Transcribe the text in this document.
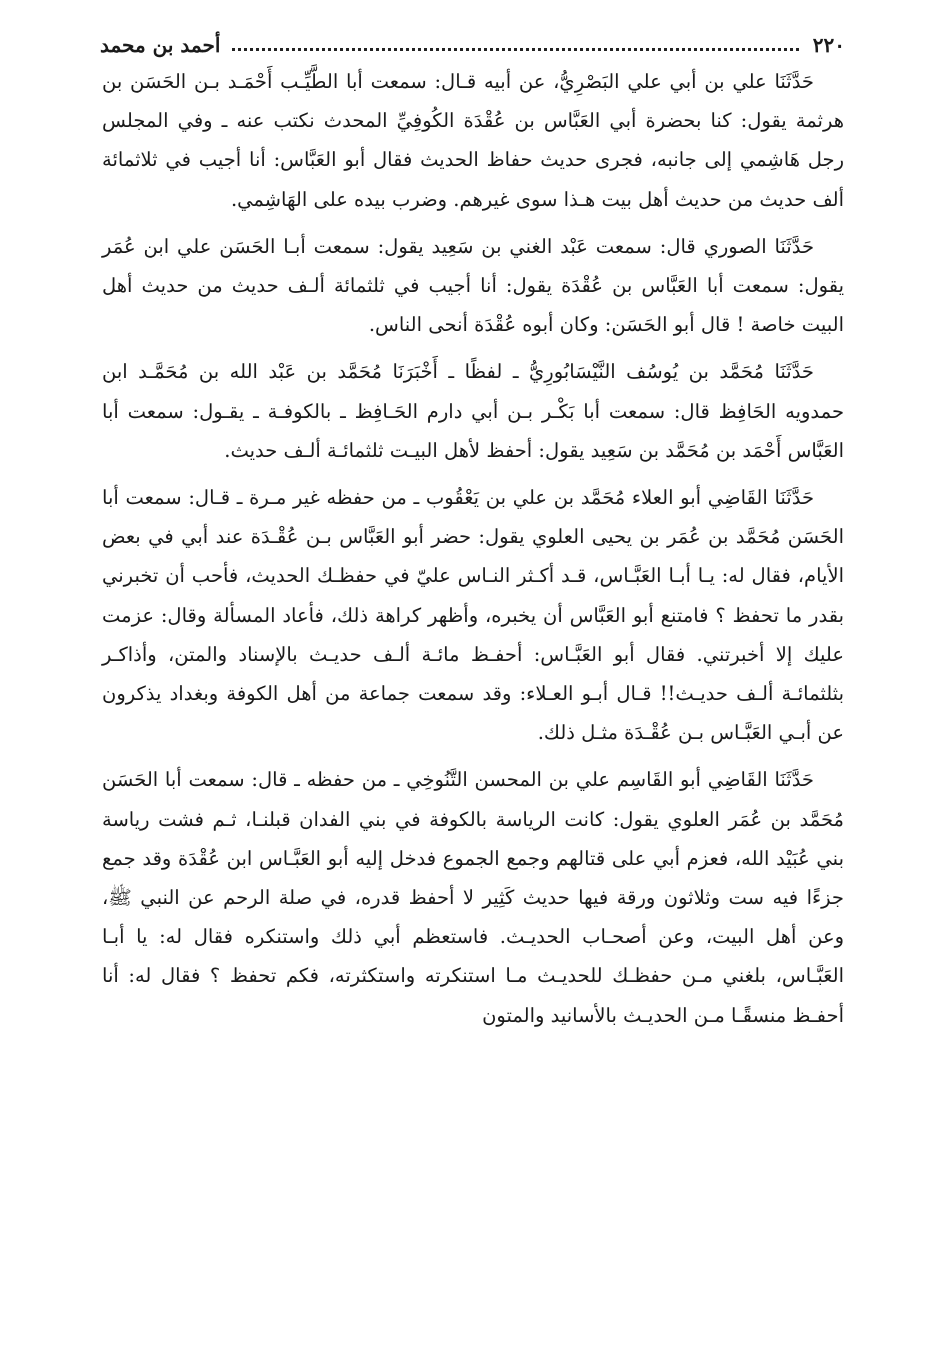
٢٢٠
أحمد بن محمد

حَدَّثَنَا علي بن أبي علي البَصْرِيُّ، عن أبيه قـال: سمعت أبا الطَّيِّـب أَحْمَـد بـن الحَسَن بن هرثمة يقول: كنا بحضرة أبي العَبَّاس بن عُقْدَة الكُوفِيِّ المحدث نكتب عنه ـ وفي المجلس رجل هَاشِمي إلى جانبه، فجرى حديث حفاظ الحديث فقال أبو العَبَّاس: أنا أجيب في ثلاثمائة ألف حديث من حديث أهل بيت هـذا سوى غيرهم. وضرب بيده على الهَاشِمي.

حَدَّثَنَا الصوري قال: سمعت عَبْد الغني بن سَعِيد يقول: سمعت أبـا الحَسَن علي ابن عُمَر يقول: سمعت أبا العَبَّاس بن عُقْدَة يقول: أنا أجيب في ثلثمائة ألـف حديث من حديث أهل البيت خاصة ! قال أبو الحَسَن: وكان أبوه عُقْدَة أنحى الناس.

حَدَّثَنَا مُحَمَّد بن يُوسُف النَّيْسَابُورِيُّ ـ لفظًا ـ أَخْبَرَنَا مُحَمَّد بن عَبْد الله بن مُحَمَّـد ابن حمدويه الحَافِظ قال: سمعت أبا بَكْـر بـن أبي دارم الحَـافِظ ـ بالكوفـة ـ يقـول: سمعت أبا العَبَّاس أَحْمَد بن مُحَمَّد بن سَعِيد يقول: أحفظ لأهل البيـت ثلثمائـة ألـف حديث.

حَدَّثَنَا القَاضِي أبو العلاء مُحَمَّد بن علي بن يَعْقُوب ـ من حفظه غير مـرة ـ قـال: سمعت أبا الحَسَن مُحَمَّد بن عُمَر بن يحيى العلوي يقول: حضر أبو العَبَّاس بـن عُقْـدَة عند أبي في بعض الأيام، فقال له: يـا أبـا العَبَّـاس، قـد أكـثر النـاس عليّ في حفظـك الحديث، فأحب أن تخبرني بقدر ما تحفظ ؟ فامتنع أبو العَبَّاس أن يخبره، وأظهر كراهة ذلك، فأعاد المسألة وقال: عزمت عليك إلا أخبرتني. فقال أبو العَبَّـاس: أحفـظ مائـة ألـف حديـث بالإسناد والمتن، وأذاكـر بثلثمائـة ألـف حديـث!! قـال أبـو العـلاء: وقد سمعت جماعة من أهل الكوفة وبغداد يذكرون عن أبـي العَبَّـاس بـن عُقْـدَة مثـل ذلك.

حَدَّثَنَا القَاضِي أبو القَاسِم علي بن المحسن التَّنُوخِي ـ من حفظه ـ قال: سمعت أبا الحَسَن مُحَمَّد بن عُمَر العلوي يقول: كانت الرياسة بالكوفة في بني الفدان قبلنـا، ثـم فشت رياسة بني عُبَيْد الله، فعزم أبي على قتالهم وجمع الجموع فدخل إليه أبو العَبَّـاس ابن عُقْدَة وقد جمع جزءًا فيه ست وثلاثون ورقة فيها حديث كَثِير لا أحفظ قدره، في صلة الرحم عن النبي ﷺ، وعن أهل البيت، وعن أصحـاب الحديـث. فاستعظم أبي ذلك واستنكره فقال له: يا أبـا العَبَّـاس، بلغني مـن حفظـك للحديـث مـا استنكرته واستكثرته، فكم تحفظ ؟ فقال له: أنا أحفـظ منسقًـا مـن الحديـث بالأسانيد والمتون
